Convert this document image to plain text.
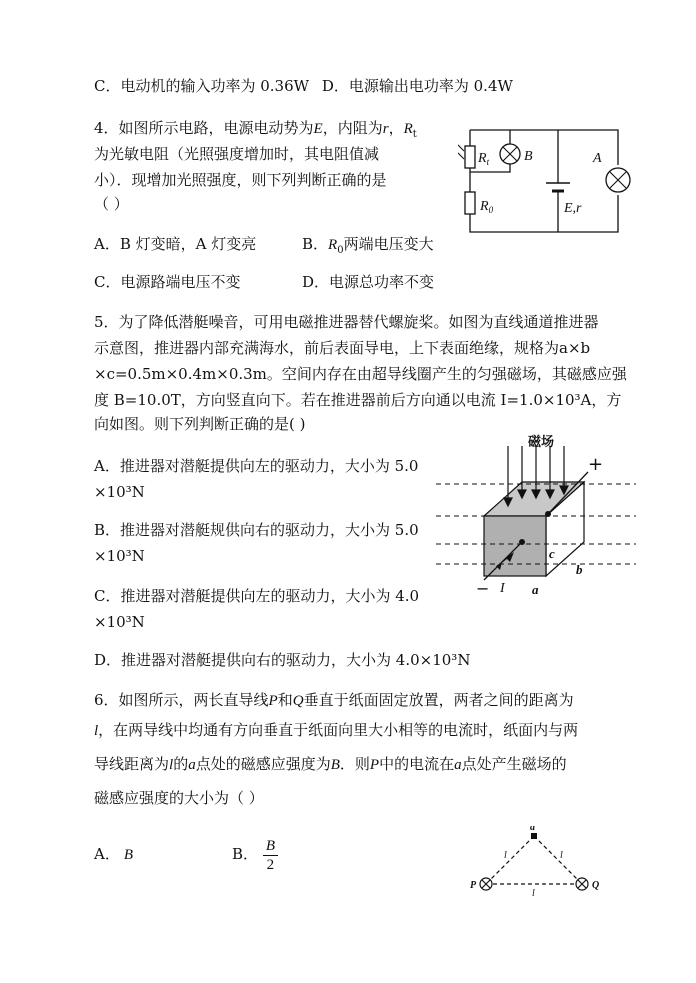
C．电动机的输入功率为 0.36W D．电源输出电功率为 0.4W
4．如图所示电路，电源电动势为E，内阻为r，$R_t$
为光敏电阻（光照强度增加时，其电阻值减
小）．现增加光照强度，则下列判断正确的是
（ ）
$R_t$ B	A
$R_0$	E,r
A．B 灯变暗，A 灯变亮	B．$R_0$两端电压变大
C．电源路端电压不变	D．电源总功率不变
5．为了降低潜艇噪音，可用电磁推进器替代螺旋桨。如图为直线通道推进器
示意图，推进器内部充满海水，前后表面导电，上下表面绝缘，规格为a×b
×c=0.5m×0.4m×0.3m。空间内存在由超导线圈产生的匀强磁场，其磁感应强
度 B=10.0T，方向竖直向下。若在推进器前后方向通以电流 I=1.0×10³A，方
向如图。则下列判断正确的是( )
A．推进器对潜艇提供向左的驱动力，大小为 5.0
×10³N
B．推进器对潜艇规供向右的驱动力，大小为 5.0
×10³N
C．推进器对潜艇提供向左的驱动力，大小为 4.0
×10³N
D．推进器对潜艇提供向右的驱动力，大小为 4.0×10³N
磁场
+
− I a
b
c
6．如图所示，两长直导线P和Q垂直于纸面固定放置，两者之间的距离为
l，在两导线中均通有方向垂直于纸面向里大小相等的电流时，纸面内与两
导线距离为l的a点处的磁感应强度为B．则P中的电流在a点处产生磁场的
磁感应强度的大小为（ ）
A． B	B． $\frac{B}{2}$
a
P	Q
l	l
l
